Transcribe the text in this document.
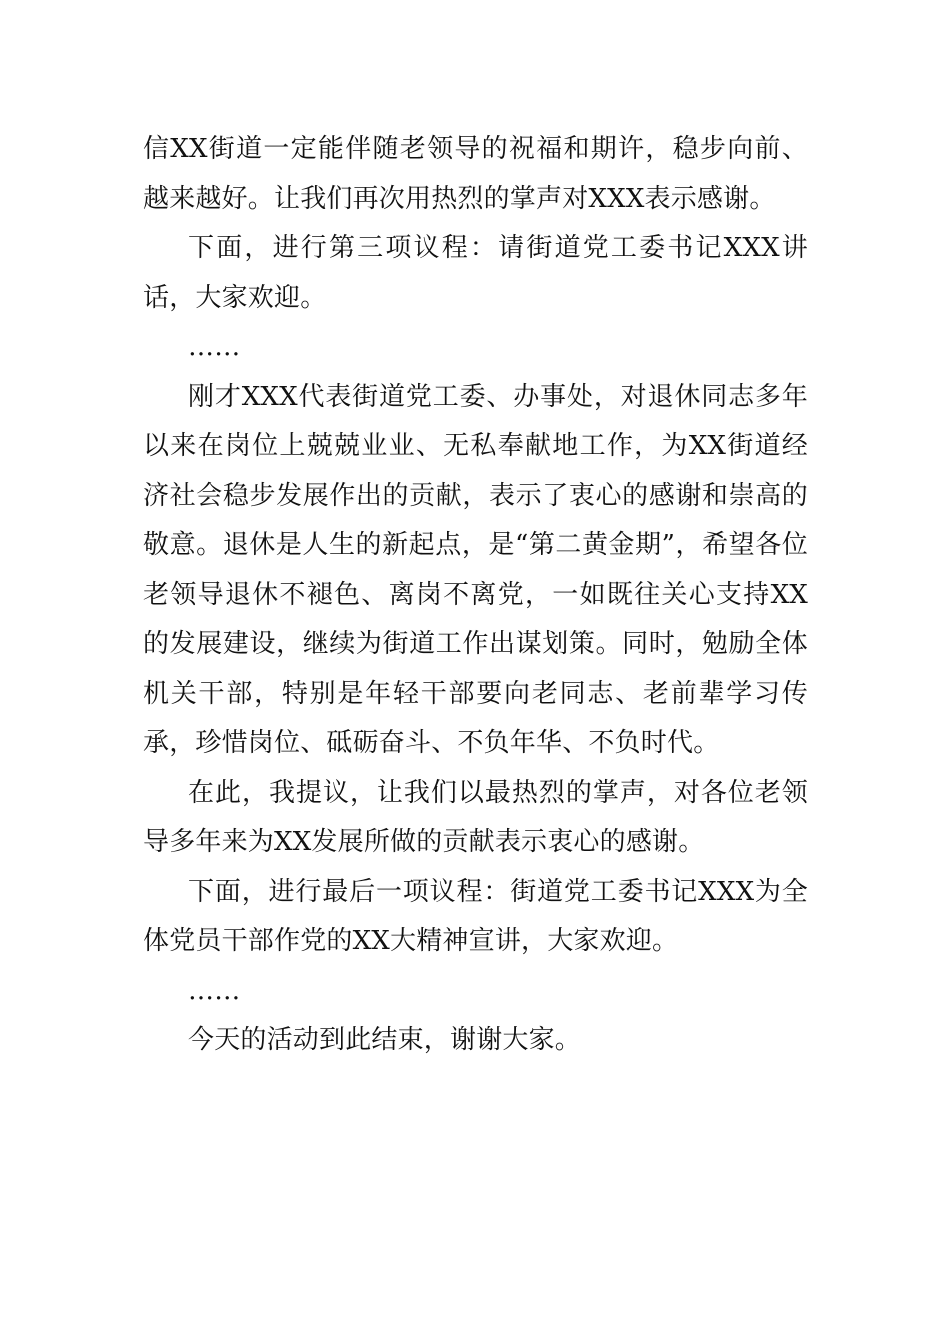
信XX街道一定能伴随老领导的祝福和期许，稳步向前、越来越好。让我们再次用热烈的掌声对XXX表示感谢。

下面，进行第三项议程：请街道党工委书记XXX讲话，大家欢迎。

……

刚才XXX代表街道党工委、办事处，对退休同志多年以来在岗位上兢兢业业、无私奉献地工作，为XX街道经济社会稳步发展作出的贡献，表示了衷心的感谢和崇高的敬意。退休是人生的新起点，是“第二黄金期”，希望各位老领导退休不褪色、离岗不离党，一如既往关心支持XX的发展建设，继续为街道工作出谋划策。同时，勉励全体机关干部，特别是年轻干部要向老同志、老前辈学习传承，珍惜岗位、砥砺奋斗、不负年华、不负时代。

在此，我提议，让我们以最热烈的掌声，对各位老领导多年来为XX发展所做的贡献表示衷心的感谢。

下面，进行最后一项议程：街道党工委书记XXX为全体党员干部作党的XX大精神宣讲，大家欢迎。

……

今天的活动到此结束，谢谢大家。
